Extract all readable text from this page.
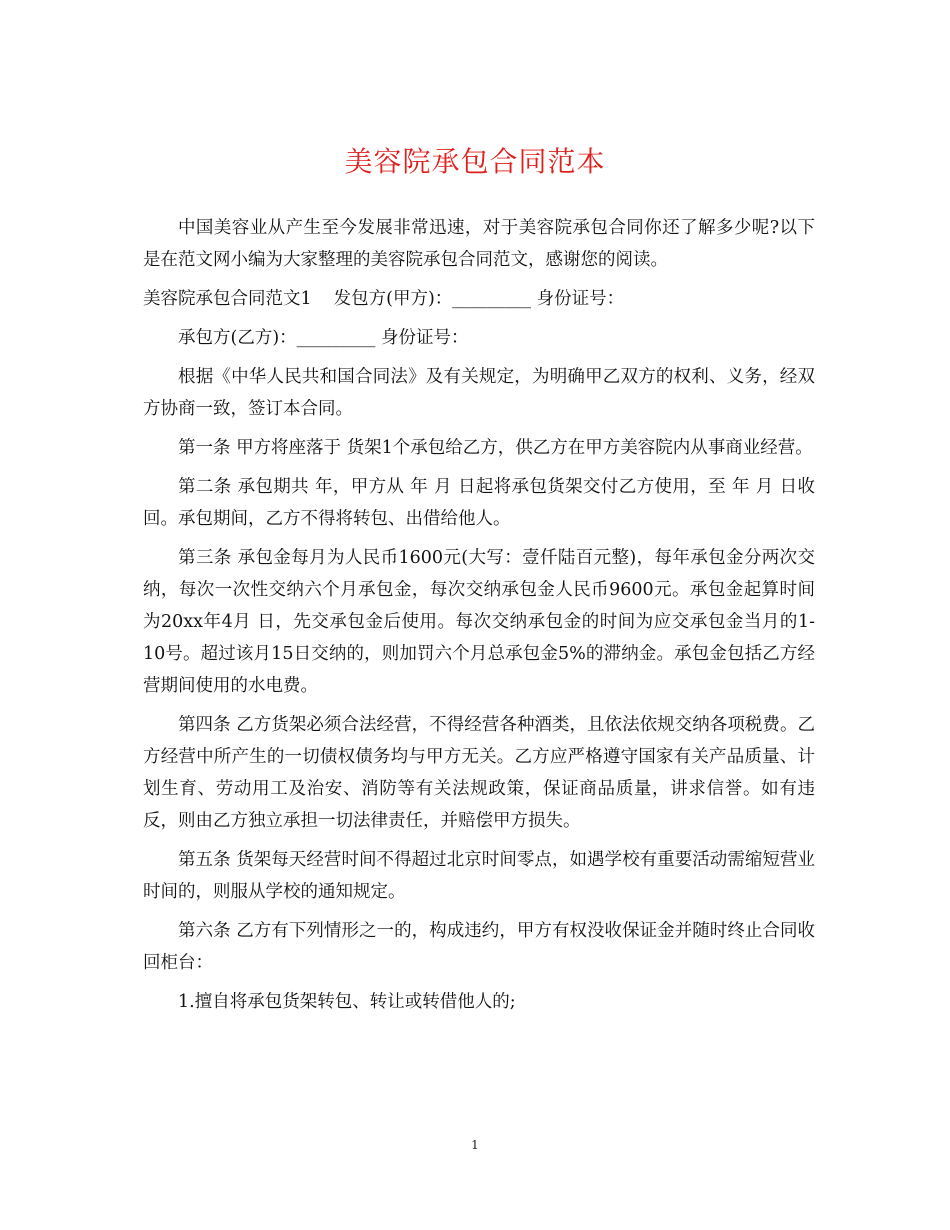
美容院承包合同范本

中国美容业从产生至今发展非常迅速，对于美容院承包合同你还了解多少呢?以下是在范文网小编为大家整理的美容院承包合同范文，感谢您的阅读。

美容院承包合同范文1 发包方(甲方)：_________ 身份证号：

承包方(乙方)：_________ 身份证号：

根据《中华人民共和国合同法》及有关规定，为明确甲乙双方的权利、义务，经双方协商一致，签订本合同。

第一条 甲方将座落于 货架1个承包给乙方，供乙方在甲方美容院内从事商业经营。

第二条 承包期共 年，甲方从 年 月 日起将承包货架交付乙方使用，至 年 月 日收回。承包期间，乙方不得将转包、出借给他人。

第三条 承包金每月为人民币1600元(大写：壹仟陆百元整)，每年承包金分两次交纳，每次一次性交纳六个月承包金，每次交纳承包金人民币9600元。承包金起算时间为20xx年4月 日，先交承包金后使用。每次交纳承包金的时间为应交承包金当月的1-10号。超过该月15日交纳的，则加罚六个月总承包金5%的滞纳金。承包金包括乙方经营期间使用的水电费。

第四条 乙方货架必须合法经营，不得经营各种酒类，且依法依规交纳各项税费。乙方经营中所产生的一切债权债务均与甲方无关。乙方应严格遵守国家有关产品质量、计划生育、劳动用工及治安、消防等有关法规政策，保证商品质量，讲求信誉。如有违反，则由乙方独立承担一切法律责任，并赔偿甲方损失。

第五条 货架每天经营时间不得超过北京时间零点，如遇学校有重要活动需缩短营业时间的，则服从学校的通知规定。

第六条 乙方有下列情形之一的，构成违约，甲方有权没收保证金并随时终止合同收回柜台：

1.擅自将承包货架转包、转让或转借他人的;

1
